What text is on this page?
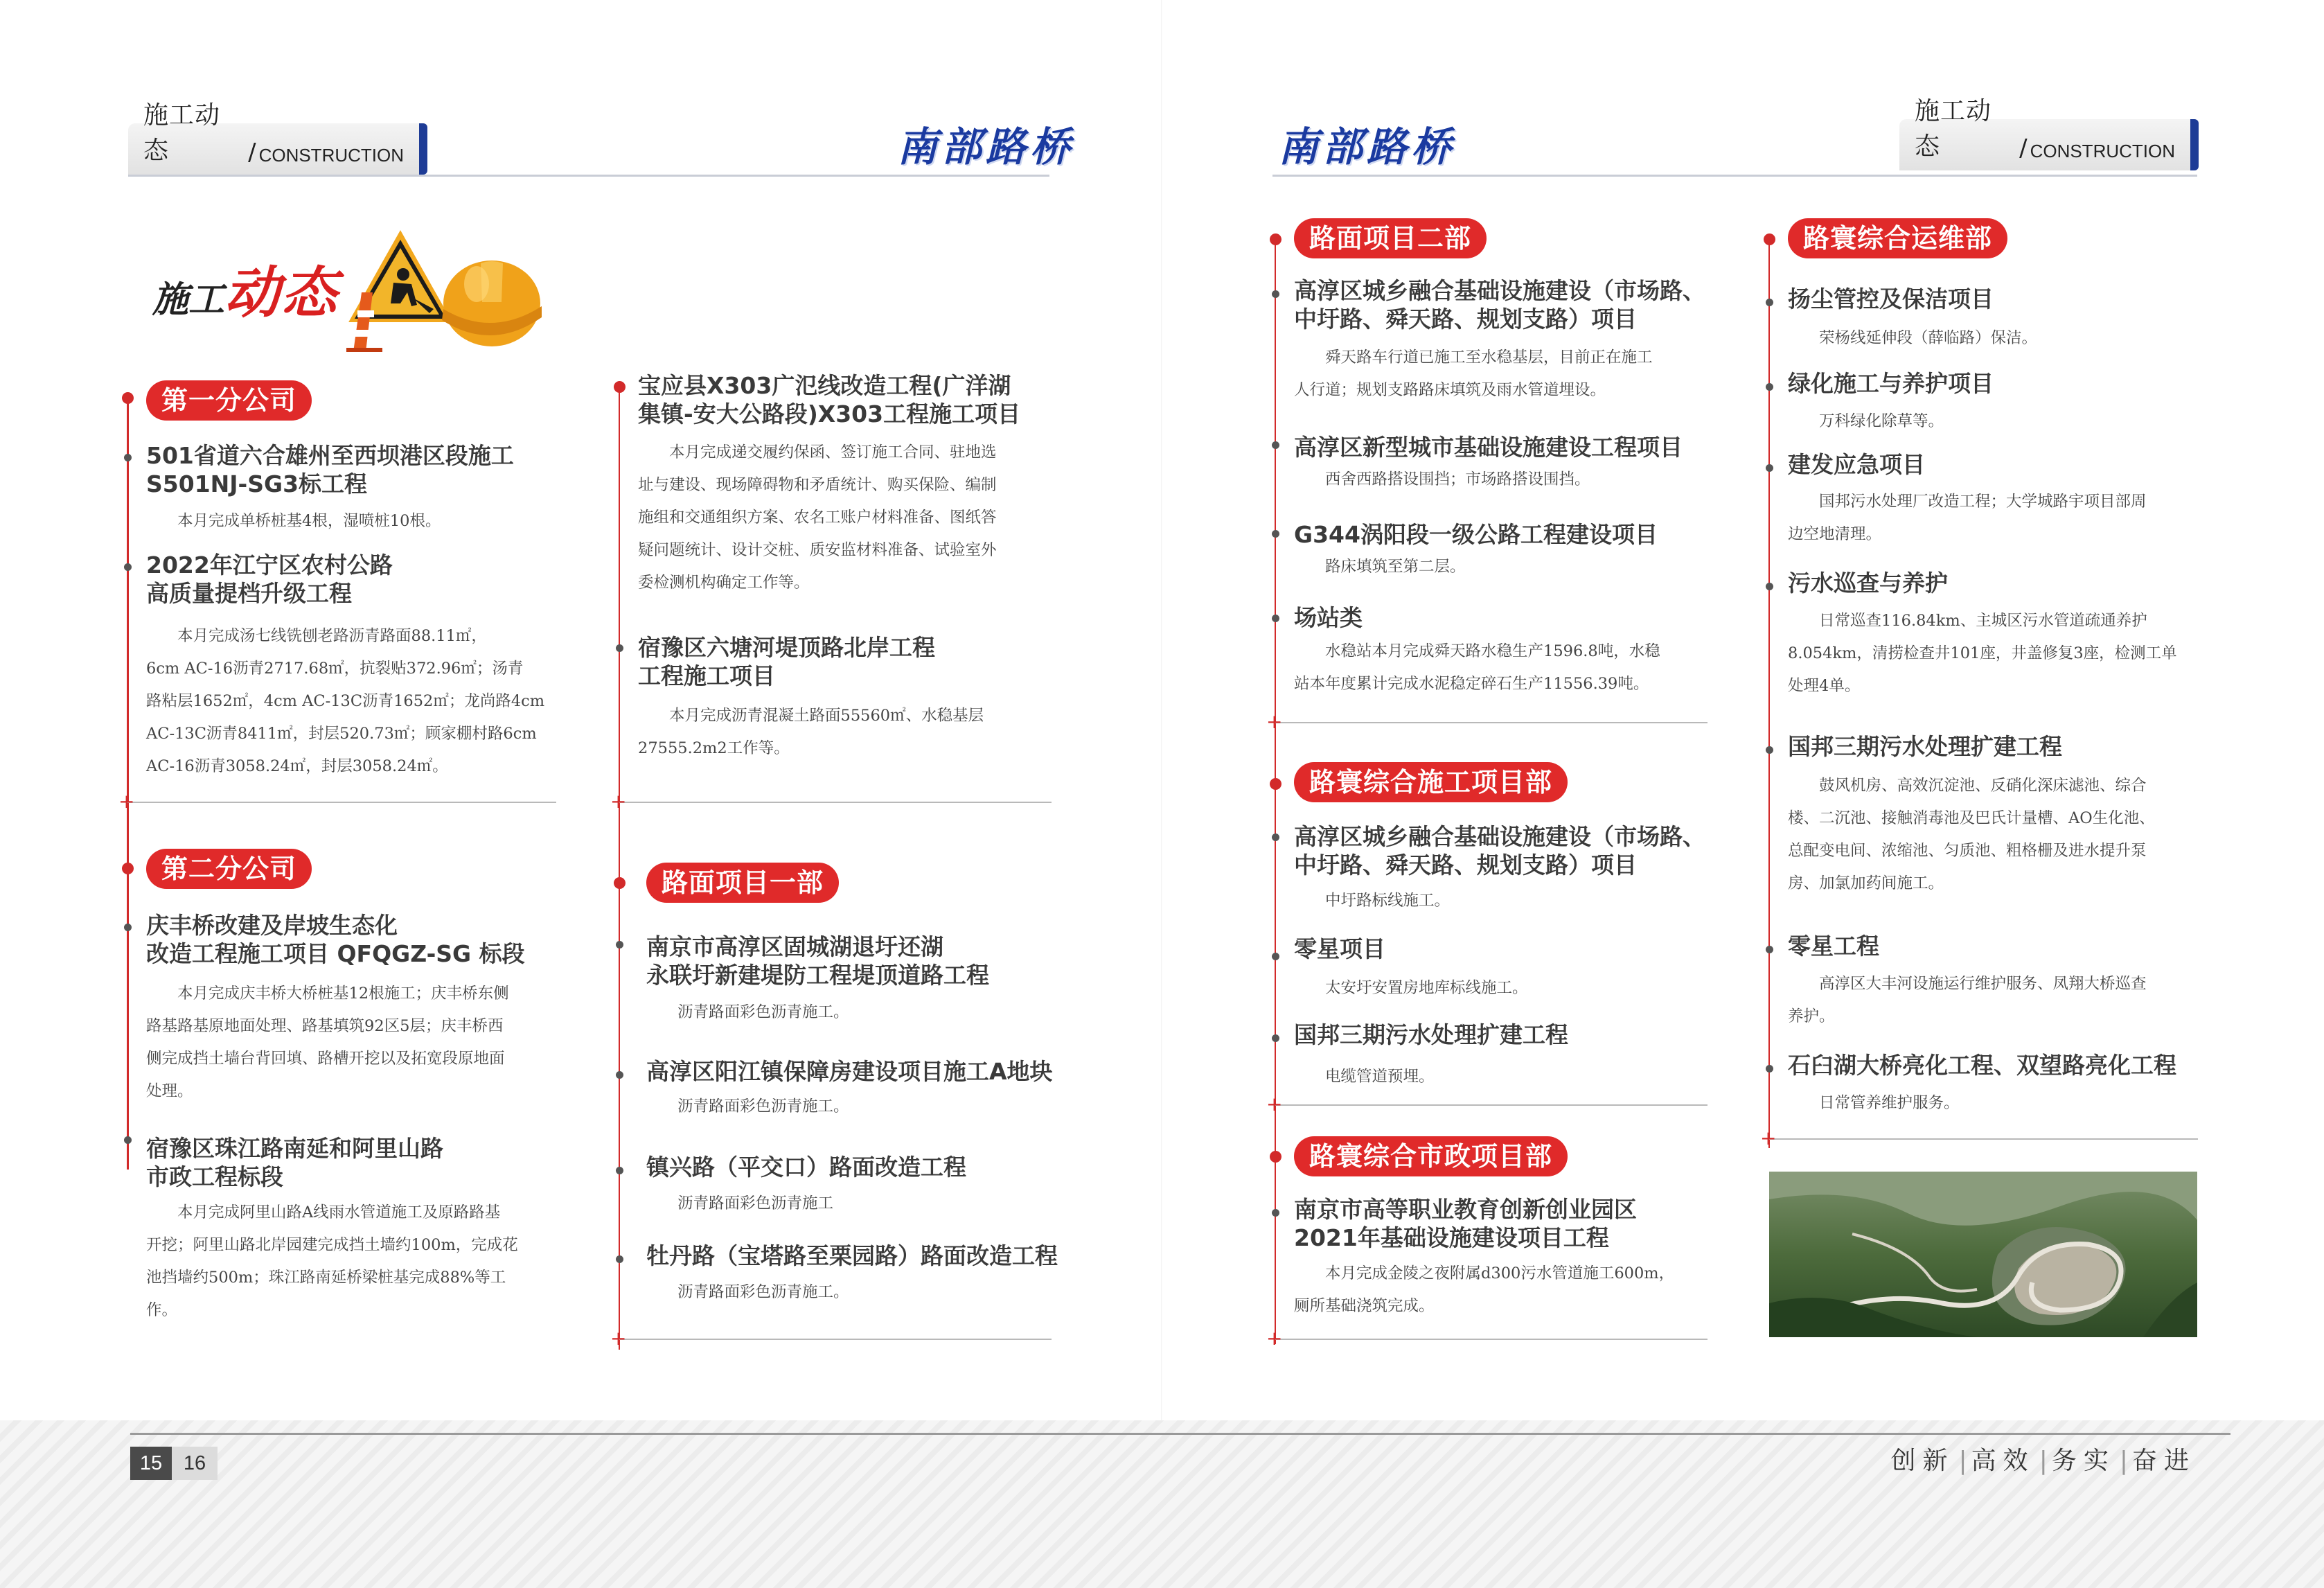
施工动态	/ CONSTRUCTION	南部路桥
施工动态
第一分公司
501省道六合雄州至西坝港区段施工
S501NJ-SG3标工程
本月完成单桥桩基4根，湿喷桩10根。
2022年江宁区农村公路
高质量提档升级工程
本月完成汤七线铣刨老路沥青路面88.11㎡，
6cm AC-16沥青2717.68㎡，抗裂贴372.96㎡；汤青
路粘层1652㎡，4cm AC-13C沥青1652㎡；龙尚路4cm
AC-13C沥青8411㎡，封层520.73㎡；顾家棚村路6cm
AC-16沥青3058.24㎡，封层3058.24㎡。
+
第二分公司
庆丰桥改建及岸坡生态化
改造工程施工项目 QFQGZ-SG 标段
本月完成庆丰桥大桥桩基12根施工；庆丰桥东侧
路基路基原地面处理、路基填筑92区5层；庆丰桥西
侧完成挡土墙台背回填、路槽开挖以及拓宽段原地面
处理。
宿豫区珠江路南延和阿里山路
市政工程标段
本月完成阿里山路A线雨水管道施工及原路路基
开挖；阿里山路北岸园建完成挡土墙约100m，完成花
池挡墙约500m；珠江路南延桥梁桩基完成88%等工
作。
宝应县X303广氾线改造工程(广洋湖
集镇-安大公路段)X303工程施工项目
本月完成递交履约保函、签订施工合同、驻地选
址与建设、现场障碍物和矛盾统计、购买保险、编制
施组和交通组织方案、农名工账户材料准备、图纸答
疑问题统计、设计交桩、质安监材料准备、试验室外
委检测机构确定工作等。
宿豫区六塘河堤顶路北岸工程
工程施工项目
本月完成沥青混凝土路面55560㎡、水稳基层
27555.2m2工作等。
+
路面项目一部
南京市高淳区固城湖退圩还湖
永联圩新建堤防工程堤顶道路工程
沥青路面彩色沥青施工。
高淳区阳江镇保障房建设项目施工A地块
沥青路面彩色沥青施工。
镇兴路（平交口）路面改造工程
沥青路面彩色沥青施工
牡丹路（宝塔路至栗园路）路面改造工程
沥青路面彩色沥青施工。
+
南部路桥
施工动态	/ CONSTRUCTION
路面项目二部
高淳区城乡融合基础设施建设（市场路、
中圩路、舜天路、规划支路）项目
舜天路车行道已施工至水稳基层，目前正在施工
人行道；规划支路路床填筑及雨水管道埋设。
高淳区新型城市基础设施建设工程项目
西舍西路搭设围挡；市场路搭设围挡。
G344涡阳段一级公路工程建设项目
路床填筑至第二层。
场站类
水稳站本月完成舜天路水稳生产1596.8吨，水稳
站本年度累计完成水泥稳定碎石生产11556.39吨。
+
路寰综合施工项目部
高淳区城乡融合基础设施建设（市场路、
中圩路、舜天路、规划支路）项目
中圩路标线施工。
零星项目
太安圩安置房地库标线施工。
国邦三期污水处理扩建工程
电缆管道预埋。
+
路寰综合市政项目部
南京市高等职业教育创新创业园区
2021年基础设施建设项目工程
本月完成金陵之夜附属d300污水管道施工600m，
厕所基础浇筑完成。
+
路寰综合运维部
扬尘管控及保洁项目
荣杨线延伸段（薛临路）保洁。
绿化施工与养护项目
万科绿化除草等。
建发应急项目
国邦污水处理厂改造工程；大学城路宇项目部周
边空地清理。
污水巡查与养护
日常巡查116.84km、主城区污水管道疏通养护
8.054km，清捞检查井101座，井盖修复3座，检测工单
处理4单。
国邦三期污水处理扩建工程
鼓风机房、高效沉淀池、反硝化深床滤池、综合
楼、二沉池、接触消毒池及巴氏计量槽、AO生化池、
总配变电间、浓缩池、匀质池、粗格栅及进水提升泵
房、加氯加药间施工。
零星工程
高淳区大丰河设施运行维护服务、凤翔大桥巡查
养护。
石臼湖大桥亮化工程、双望路亮化工程
日常管养维护服务。
+
15	16	创新 | 高效 | 务实 | 奋进
